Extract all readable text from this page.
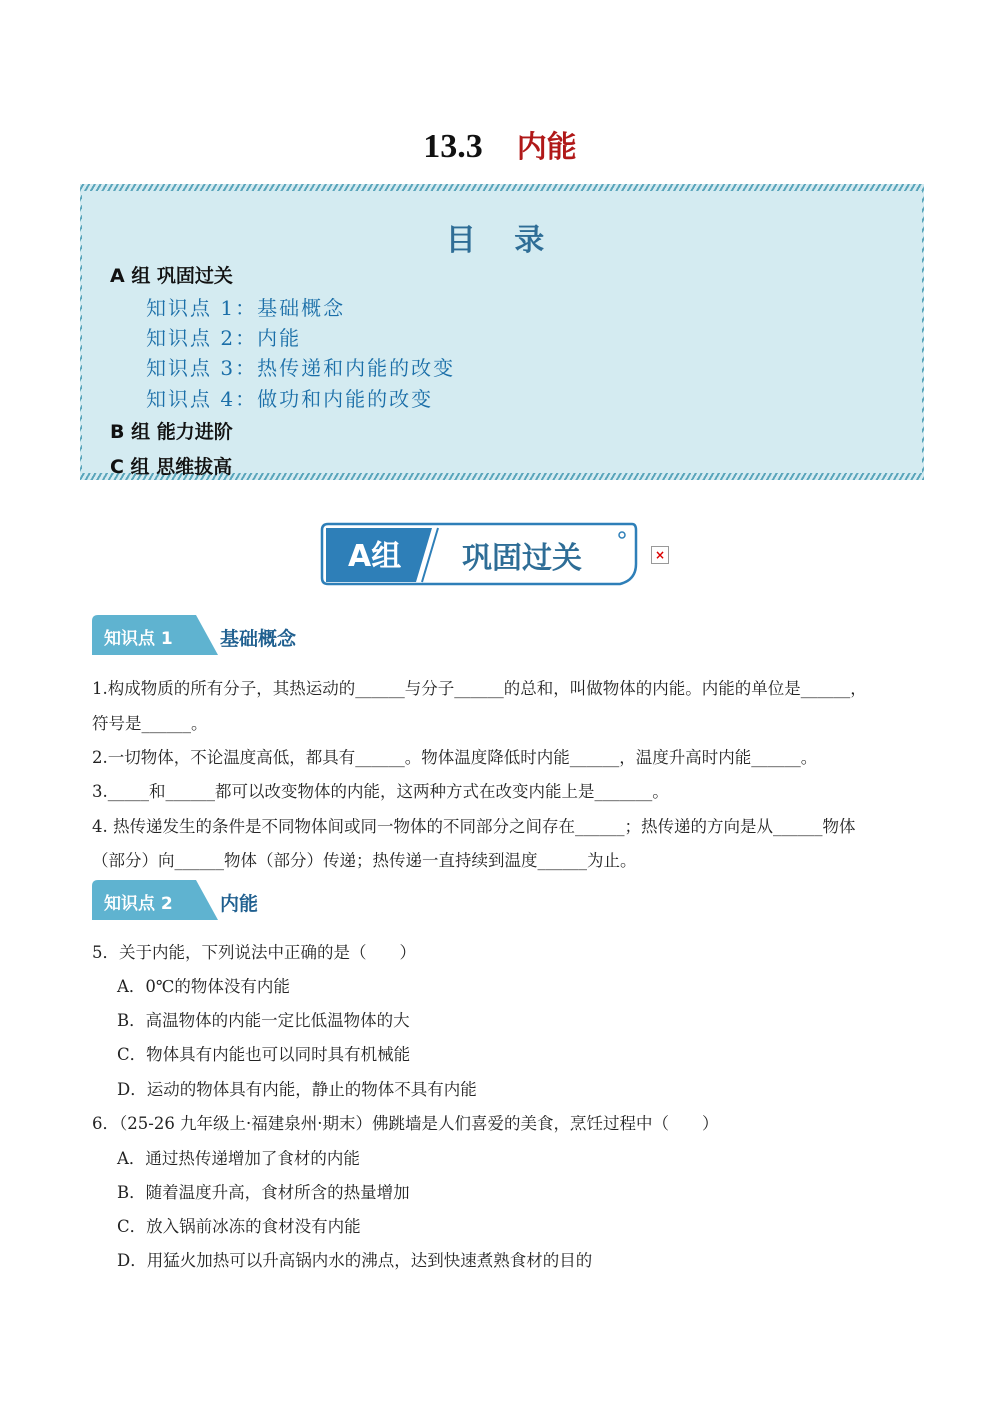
13.3 内能
目 录
A 组 巩固过关
知识点 1：基础概念
知识点 2：内能
知识点 3：热传递和内能的改变
知识点 4：做功和内能的改变
B 组 能力进阶
C 组 思维拔高
A组 巩固过关	×
知识点 1 基础概念
1.构成物质的所有分子，其热运动的______与分子______的总和，叫做物体的内能。内能的单位是______，
符号是______。
2.一切物体，不论温度高低，都具有______。物体温度降低时内能______，温度升高时内能______。
3._____和______都可以改变物体的内能，这两种方式在改变内能上是_______。
4. 热传递发生的条件是不同物体间或同一物体的不同部分之间存在______；热传递的方向是从______物体
（部分）向______物体（部分）传递；热传递一直持续到温度______为止。
知识点 2 内能
5．关于内能，下列说法中正确的是（　　）
A．0℃的物体没有内能
B．高温物体的内能一定比低温物体的大
C．物体具有内能也可以同时具有机械能
D．运动的物体具有内能，静止的物体不具有内能
6．（25-26 九年级上·福建泉州·期末）佛跳墙是人们喜爱的美食，烹饪过程中（　　）
A．通过热传递增加了食材的内能
B．随着温度升高，食材所含的热量增加
C．放入锅前冰冻的食材没有内能
D．用猛火加热可以升高锅内水的沸点，达到快速煮熟食材的目的
